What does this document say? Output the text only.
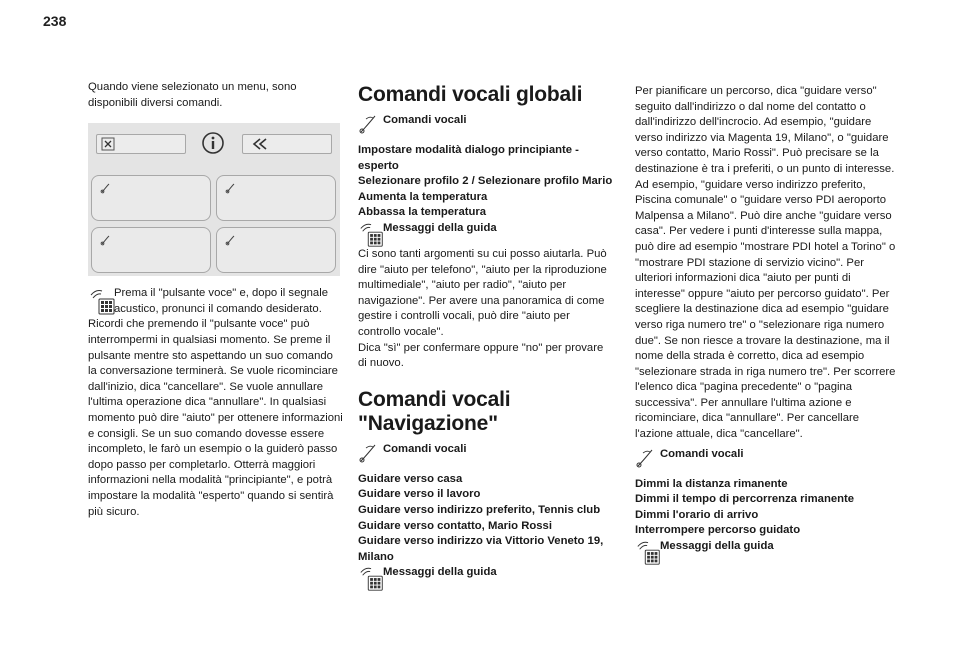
238

Quando viene selezionato un menu, sono disponibili diversi comandi.

Prema il "pulsante voce" e, dopo il segnale acustico, pronunci il comando desiderato. Ricordi che premendo il "pulsante voce" può interrompermi in qualsiasi momento. Se preme il pulsante mentre sto aspettando un suo comando la conversazione terminerà. Se vuole ricominciare dall'inizio, dica "cancellare". Se vuole annullare l'ultima operazione dica "annullare". In qualsiasi momento può dire "aiuto" per ottenere informazioni e consigli. Se un suo comando dovesse essere incompleto, le farò un esempio o la guiderò passo dopo passo per completarlo. Otterrà maggiori informazioni nella modalità "principiante", e potrà impostare la modalità "esperto" quando si sentirà più sicuro.
Comandi vocali globali
Comandi vocali
Impostare modalità dialogo principiante - esperto
Selezionare profilo 2 / Selezionare profilo Mario
Aumenta la temperatura
Abbassa la temperatura
Messaggi della guida

Ci sono tanti argomenti su cui posso aiutarla. Può dire "aiuto per telefono", "aiuto per la riproduzione multimediale", "aiuto per radio", "aiuto per navigazione". Per avere una panoramica di come gestire i controlli vocali, può dire "aiuto per controllo vocale".

Dica "sì" per confermare oppure "no" per provare di nuovo.

Comandi vocali
"Navigazione"
Comandi vocali
Guidare verso casa
Guidare verso il lavoro
Guidare verso indirizzo preferito, Tennis club
Guidare verso contatto, Mario Rossi
Guidare verso indirizzo via Vittorio Veneto 19, Milano
Messaggi della guida

Per pianificare un percorso, dica "guidare verso" seguito dall'indirizzo o dal nome del contatto o dall'indirizzo dell'incrocio. Ad esempio, "guidare verso indirizzo via Magenta 19, Milano", o "guidare verso contatto, Mario Rossi". Può precisare se la destinazione è tra i preferiti, o un punto di interesse. Ad esempio, "guidare verso indirizzo preferito, Piscina comunale" o "guidare verso PDI aeroporto Malpensa a Milano". Può dire anche "guidare verso casa". Per vedere i punti d'interesse sulla mappa, può dire ad esempio "mostrare PDI hotel a Torino" o "mostrare PDI stazione di servizio vicino". Per ulteriori informazioni dica "aiuto per punti di interesse" oppure "aiuto per percorso guidato". Per scegliere la destinazione dica ad esempio "guidare verso riga numero tre" o "selezionare riga numero due". Se non riesce a trovare la destinazione, ma il nome della strada è corretto, dica ad esempio "selezionare strada in riga numero tre". Per scorrere l'elenco dica "pagina precedente" o "pagina successiva". Per annullare l'ultima azione e ricominciare, dica "annullare". Per cancellare l'azione attuale, dica "cancellare".

Comandi vocali
Dimmi la distanza rimanente
Dimmi il tempo di percorrenza rimanente
Dimmi l'orario di arrivo
Interrompere percorso guidato
Messaggi della guida
